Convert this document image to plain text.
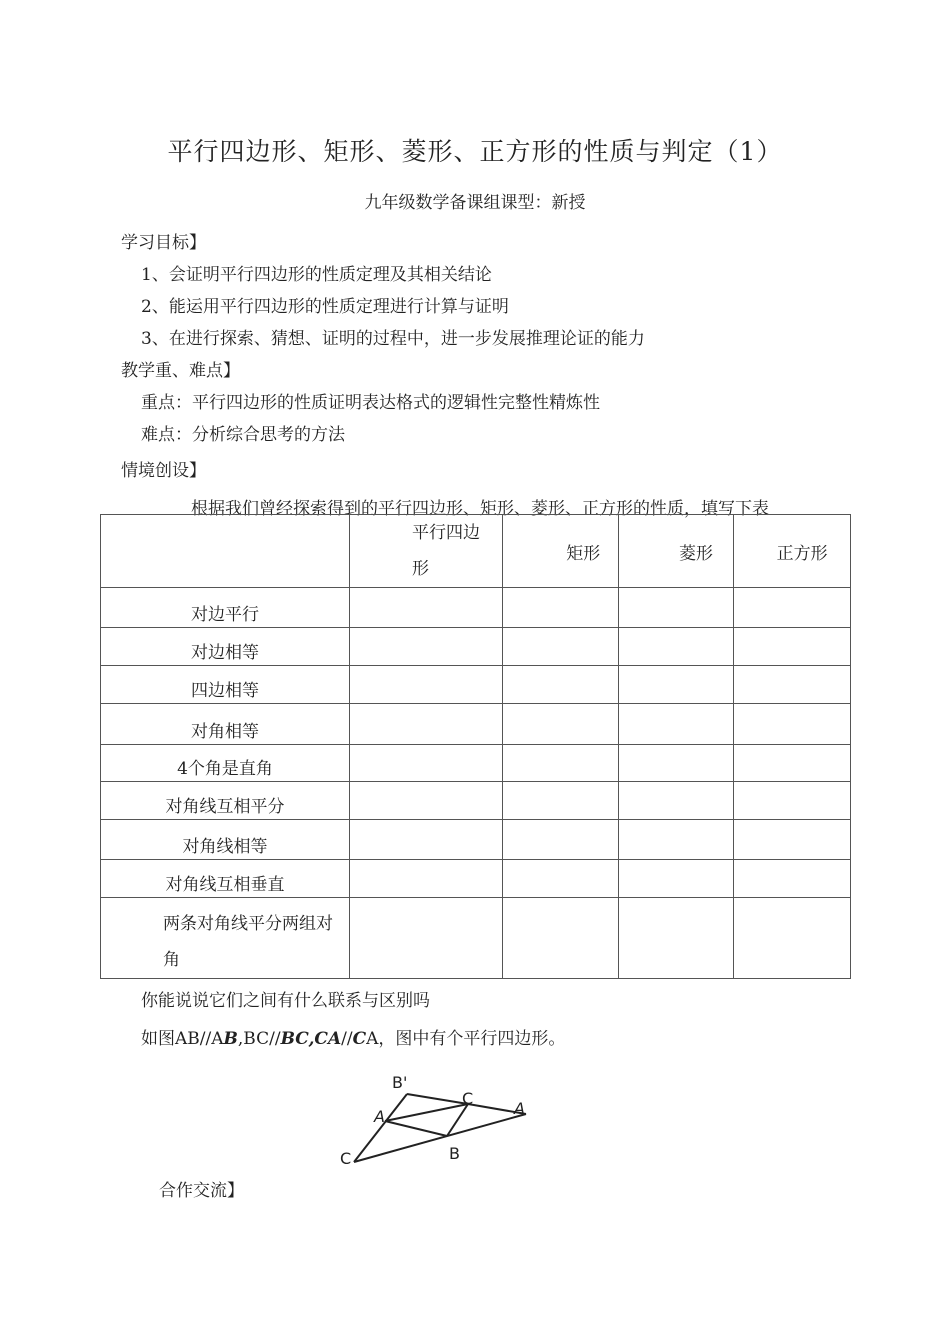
平行四边形、矩形、菱形、正方形的性质与判定（1）
九年级数学备课组课型：新授
学习目标】
1、会证明平行四边形的性质定理及其相关结论
2、能运用平行四边形的性质定理进行计算与证明
3、在进行探索、猜想、证明的过程中，进一步发展推理论证的能力
教学重、难点】
重点：平行四边形的性质证明表达格式的逻辑性完整性精炼性
难点：分析综合思考的方法
情境创设】
根据我们曾经探索得到的平行四边形、矩形、菱形、正方形的性质，填写下表

	平行四边形	矩形	菱形	正方形

对边平行				

对边相等				

四边相等				

对角相等				

4个角是直角				

对角线互相平分				

对角线相等				

对角线互相垂直				

两条对角线平分两组对角				

你能说说它们之间有什么联系与区别吗
如图AB//AB,BC//BC,CA//CA，图中有个平行四边形。
B'
C
A
A
C	B
合作交流】
